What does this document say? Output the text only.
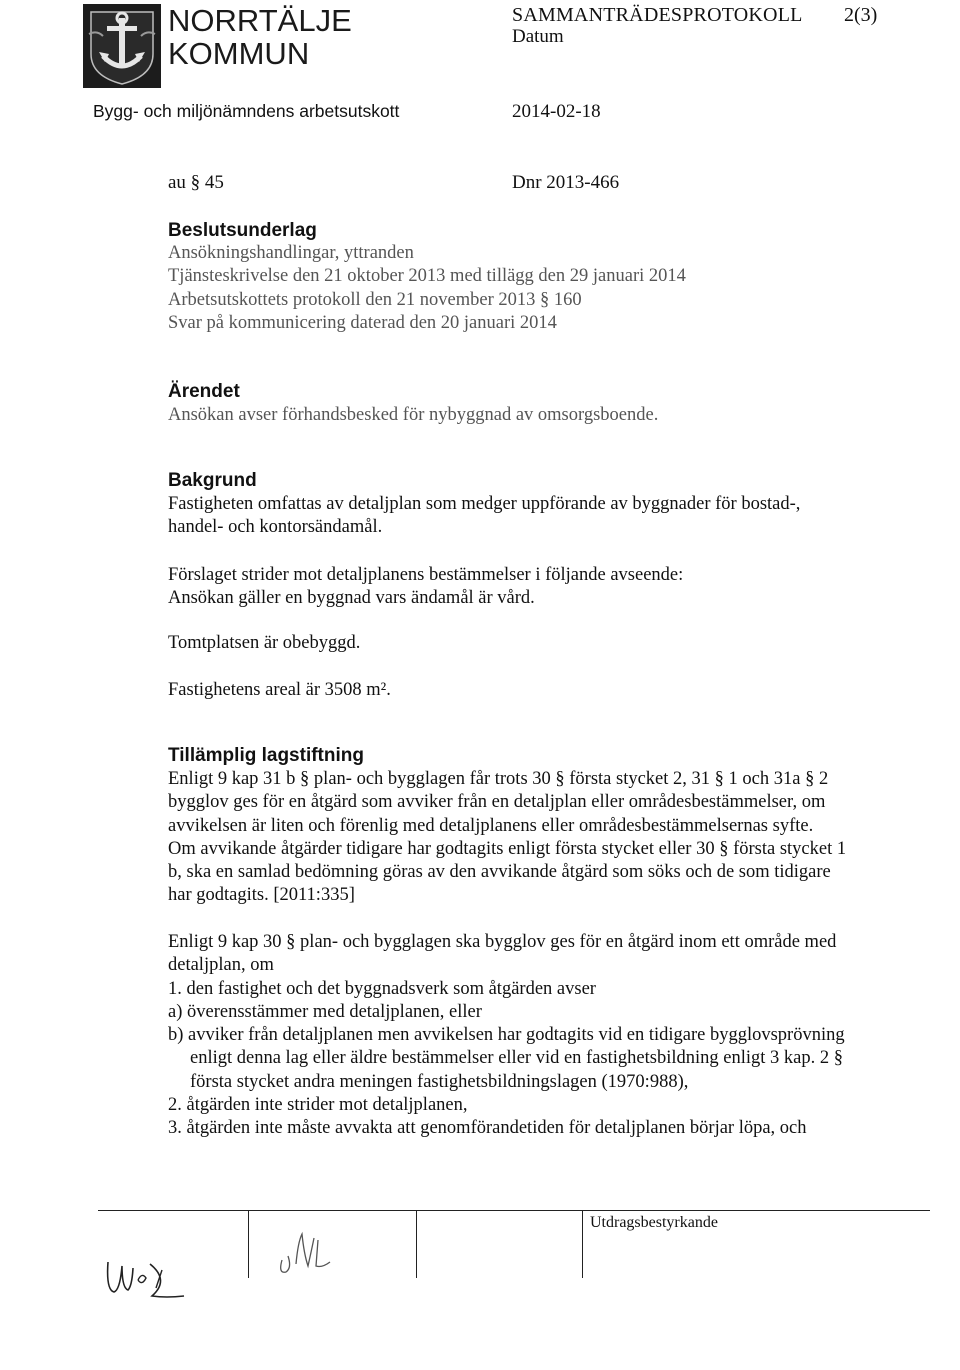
NORRTÄLJE
KOMMUN
SAMMANTRÄDESPROTOKOLL 2(3)
Datum
Bygg- och miljönämndens arbetsutskott	2014-02-18
au § 45	Dnr 2013-466
Beslutsunderlag
Ansökningshandlingar, yttranden
Tjänsteskrivelse den 21 oktober 2013 med tillägg den 29 januari 2014
Arbetsutskottets protokoll den 21 november 2013 § 160
Svar på kommunicering daterad den 20 januari 2014
Ärendet
Ansökan avser förhandsbesked för nybyggnad av omsorgsboende.
Bakgrund
Fastigheten omfattas av detaljplan som medger uppförande av byggnader för bostad-,
handel- och kontorsändamål.
Förslaget strider mot detaljplanens bestämmelser i följande avseende:
Ansökan gäller en byggnad vars ändamål är vård.
Tomtplatsen är obebyggd.
Fastighetens areal är 3508 m².
Tillämplig lagstiftning
Enligt 9 kap 31 b § plan- och bygglagen får trots 30 § första stycket 2, 31 § 1 och 31a § 2
bygglov ges för en åtgärd som avviker från en detaljplan eller områdesbestämmelser, om
avvikelsen är liten och förenlig med detaljplanens eller områdesbestämmelsernas syfte.
Om avvikande åtgärder tidigare har godtagits enligt första stycket eller 30 § första stycket 1
b, ska en samlad bedömning göras av den avvikande åtgärd som söks och de som tidigare
har godtagits. [2011:335]
Enligt 9 kap 30 § plan- och bygglagen ska bygglov ges för en åtgärd inom ett område med
detaljplan, om
1. den fastighet och det byggnadsverk som åtgärden avser
a) överensstämmer med detaljplanen, eller
b) avviker från detaljplanen men avvikelsen har godtagits vid en tidigare bygglovsprövning
enligt denna lag eller äldre bestämmelser eller vid en fastighetsbildning enligt 3 kap. 2 §
första stycket andra meningen fastighetsbildningslagen (1970:988),
2. åtgärden inte strider mot detaljplanen,
3. åtgärden inte måste avvakta att genomförandetiden för detaljplanen börjar löpa, och
Utdragsbestyrkande
